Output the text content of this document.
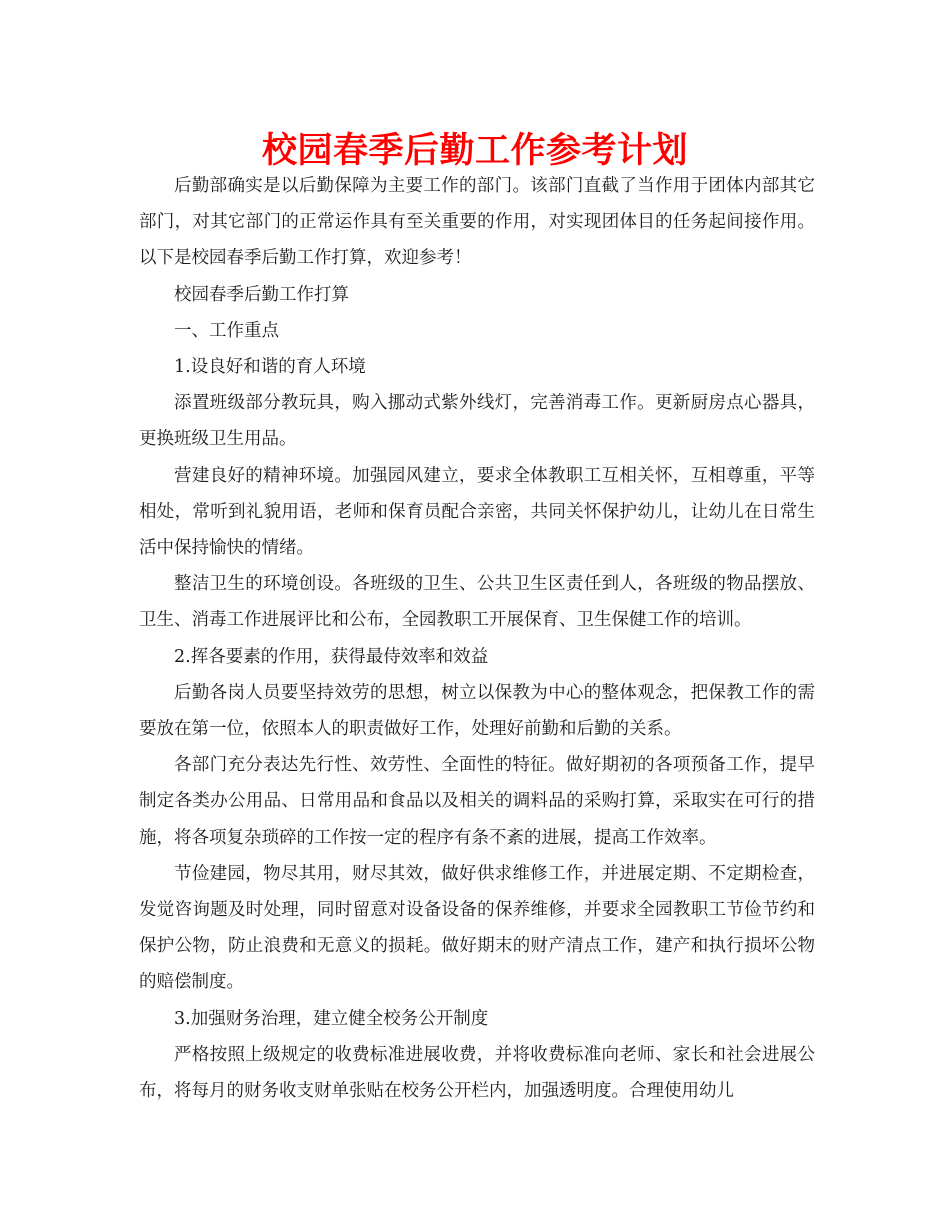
校园春季后勤工作参考计划

后勤部确实是以后勤保障为主要工作的部门。该部门直截了当作用于团体内部其它部门，对其它部门的正常运作具有至关重要的作用，对实现团体目的任务起间接作用。以下是校园春季后勤工作打算，欢迎参考！

校园春季后勤工作打算

一、工作重点

1.设良好和谐的育人环境

添置班级部分教玩具，购入挪动式紫外线灯，完善消毒工作。更新厨房点心器具，更换班级卫生用品。

营建良好的精神环境。加强园风建立，要求全体教职工互相关怀，互相尊重，平等相处，常听到礼貌用语，老师和保育员配合亲密，共同关怀保护幼儿，让幼儿在日常生活中保持愉快的情绪。

整洁卫生的环境创设。各班级的卫生、公共卫生区责任到人，各班级的物品摆放、卫生、消毒工作进展评比和公布，全园教职工开展保育、卫生保健工作的培训。

2.挥各要素的作用，获得最侍效率和效益

后勤各岗人员要坚持效劳的思想，树立以保教为中心的整体观念，把保教工作的需要放在第一位，依照本人的职责做好工作，处理好前勤和后勤的关系。

各部门充分表达先行性、效劳性、全面性的特征。做好期初的各项预备工作，提早制定各类办公用品、日常用品和食品以及相关的调料品的采购打算，采取实在可行的措施，将各项复杂琐碎的工作按一定的程序有条不紊的进展，提高工作效率。

节俭建园，物尽其用，财尽其效，做好供求维修工作，并进展定期、不定期检查，发觉咨询题及时处理，同时留意对设备设备的保养维修，并要求全园教职工节俭节约和保护公物，防止浪费和无意义的损耗。做好期末的财产清点工作，建产和执行损坏公物的赔偿制度。

3.加强财务治理，建立健全校务公开制度

严格按照上级规定的收费标准进展收费，并将收费标准向老师、家长和社会进展公布，将每月的财务收支财单张贴在校务公开栏内，加强透明度。合理使用幼儿
